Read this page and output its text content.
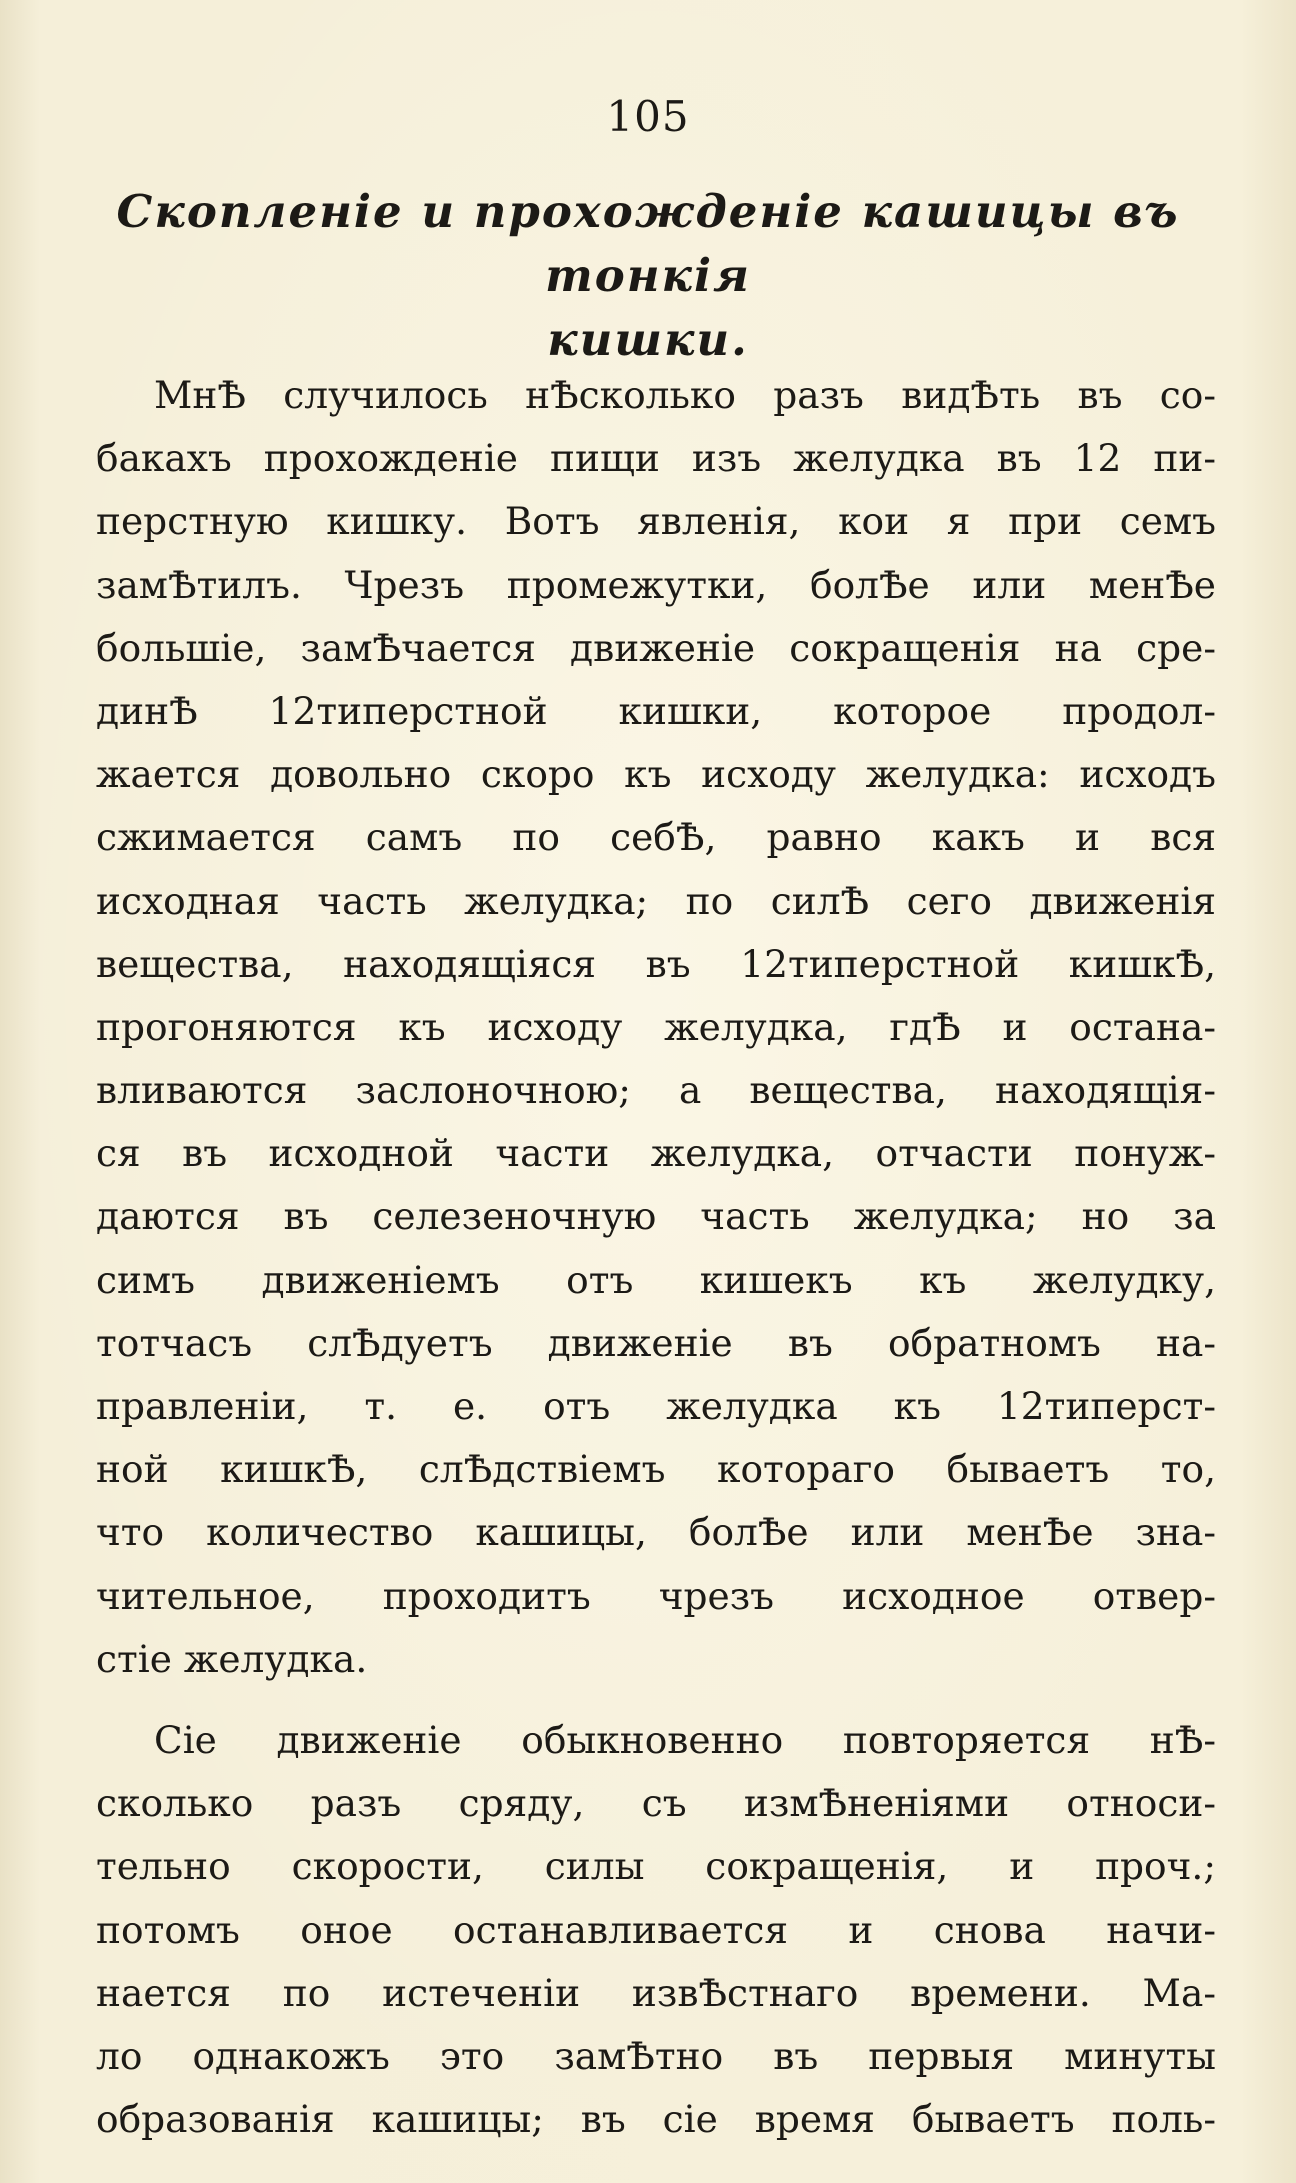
105
Скопленіе и прохожденіе кашицы въ тонкія
кишки.
МнѢ случилось нѢсколько разъ видѢть въ со-
бакахъ прохожденіе пищи изъ желудка въ 12 пи-
перстную кишку. Вотъ явленія, кои я при семъ
замѢтилъ. Чрезъ промежутки, болѢе или менѢе
большіе, замѢчается движеніе сокращенія на сре-
динѢ 12типерстной кишки, которое продол-
жается довольно скоро къ исходу желудка: исходъ
сжимается самъ по себѢ, равно какъ и вся
исходная часть желудка; по силѢ сего движенія
вещества, находящіяся въ 12типерстной кишкѢ,
прогоняются къ исходу желудка, гдѢ и остана-
вливаются заслоночною; а вещества, находящія-
ся въ исходной части желудка, отчасти понуж-
даются въ селезеночную часть желудка; но за
симъ движеніемъ отъ кишекъ къ желудку,
тотчасъ слѢдуетъ движеніе въ обратномъ на-
правленіи, т. е. отъ желудка къ 12типерст-
ной кишкѢ, слѢдствіемъ котораго бываетъ то,
что количество кашицы, болѢе или менѢе зна-
чительное, проходитъ чрезъ исходное отвер-
стіе желудка.
Сіе движеніе обыкновенно повторяется нѢ-
сколько разъ сряду, съ измѢненіями относи-
тельно скорости, силы сокращенія, и проч.;
потомъ оное останавливается и снова начи-
нается по истеченіи извѢстнаго времени. Ма-
ло однакожъ это замѢтно въ первыя минуты
образованія кашицы; въ сіе время бываетъ поль-
